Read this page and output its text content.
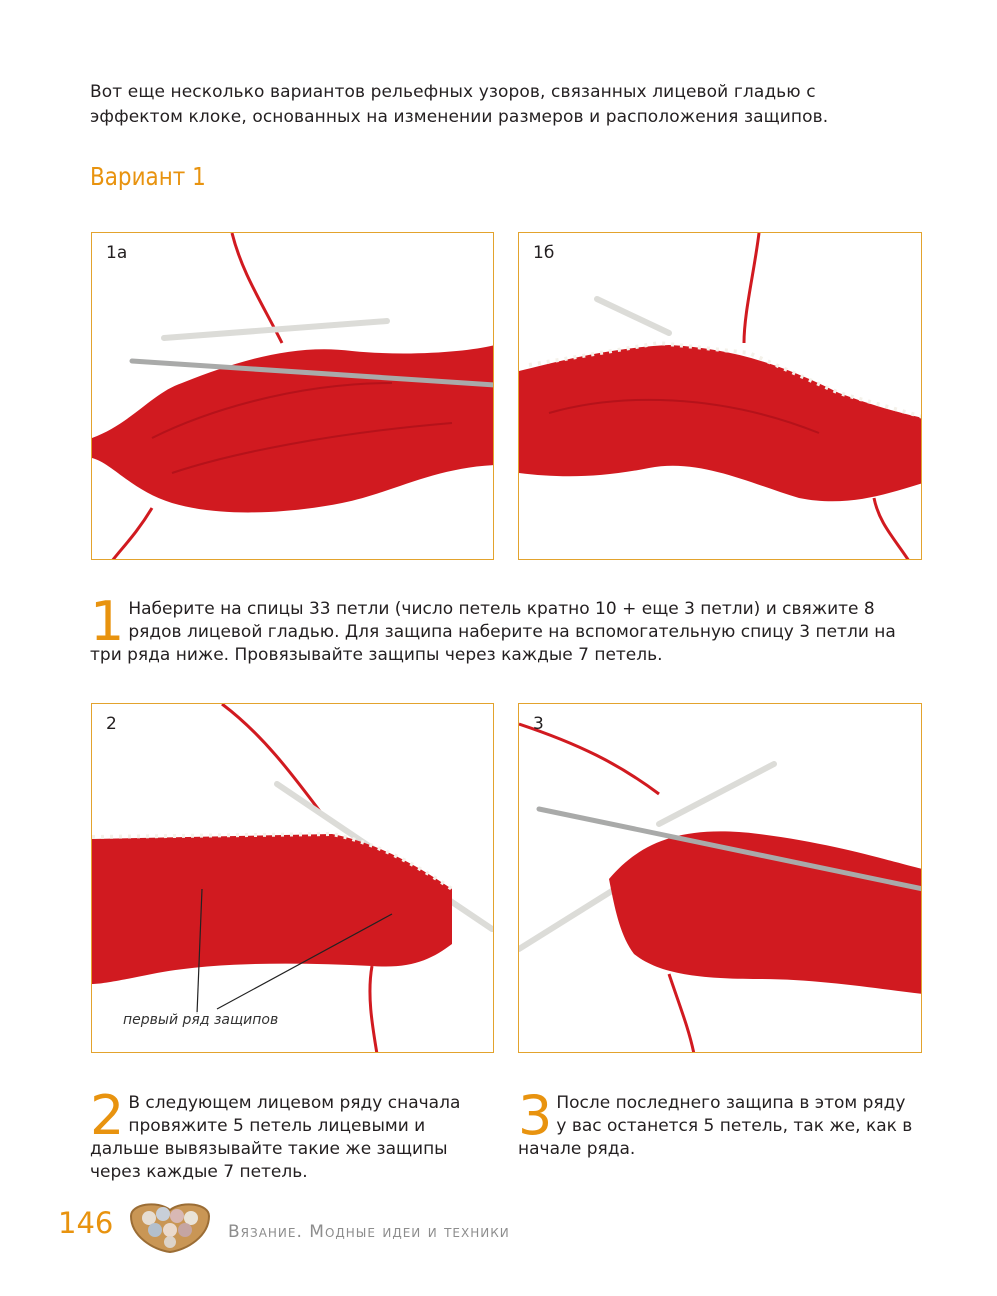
Вот еще несколько вариантов рельефных узоров, связанных лицевой гладью с эффектом клоке, основанных на изменении размеров и расположения защипов.
Вариант 1
1а	1б
1 Наберите на спицы 33 петли (число петель кратно 10 + еще 3 петли) и свяжите 8 рядов лицевой гладью. Для защипа наберите на вспомогательную спицу 3 петли на три ряда ниже. Провязывайте защипы через каждые 7 петель.
2
первый ряд защипов
3
2 В следующем лицевом ряду сначала провяжите 5 петель лицевыми и дальше вывязывайте такие же защипы через каждые 7 петель.
3 После последнего защипа в этом ряду у вас останется 5 петель, так же, как в начале ряда.
146	Вязание. Модные идеи и техники
